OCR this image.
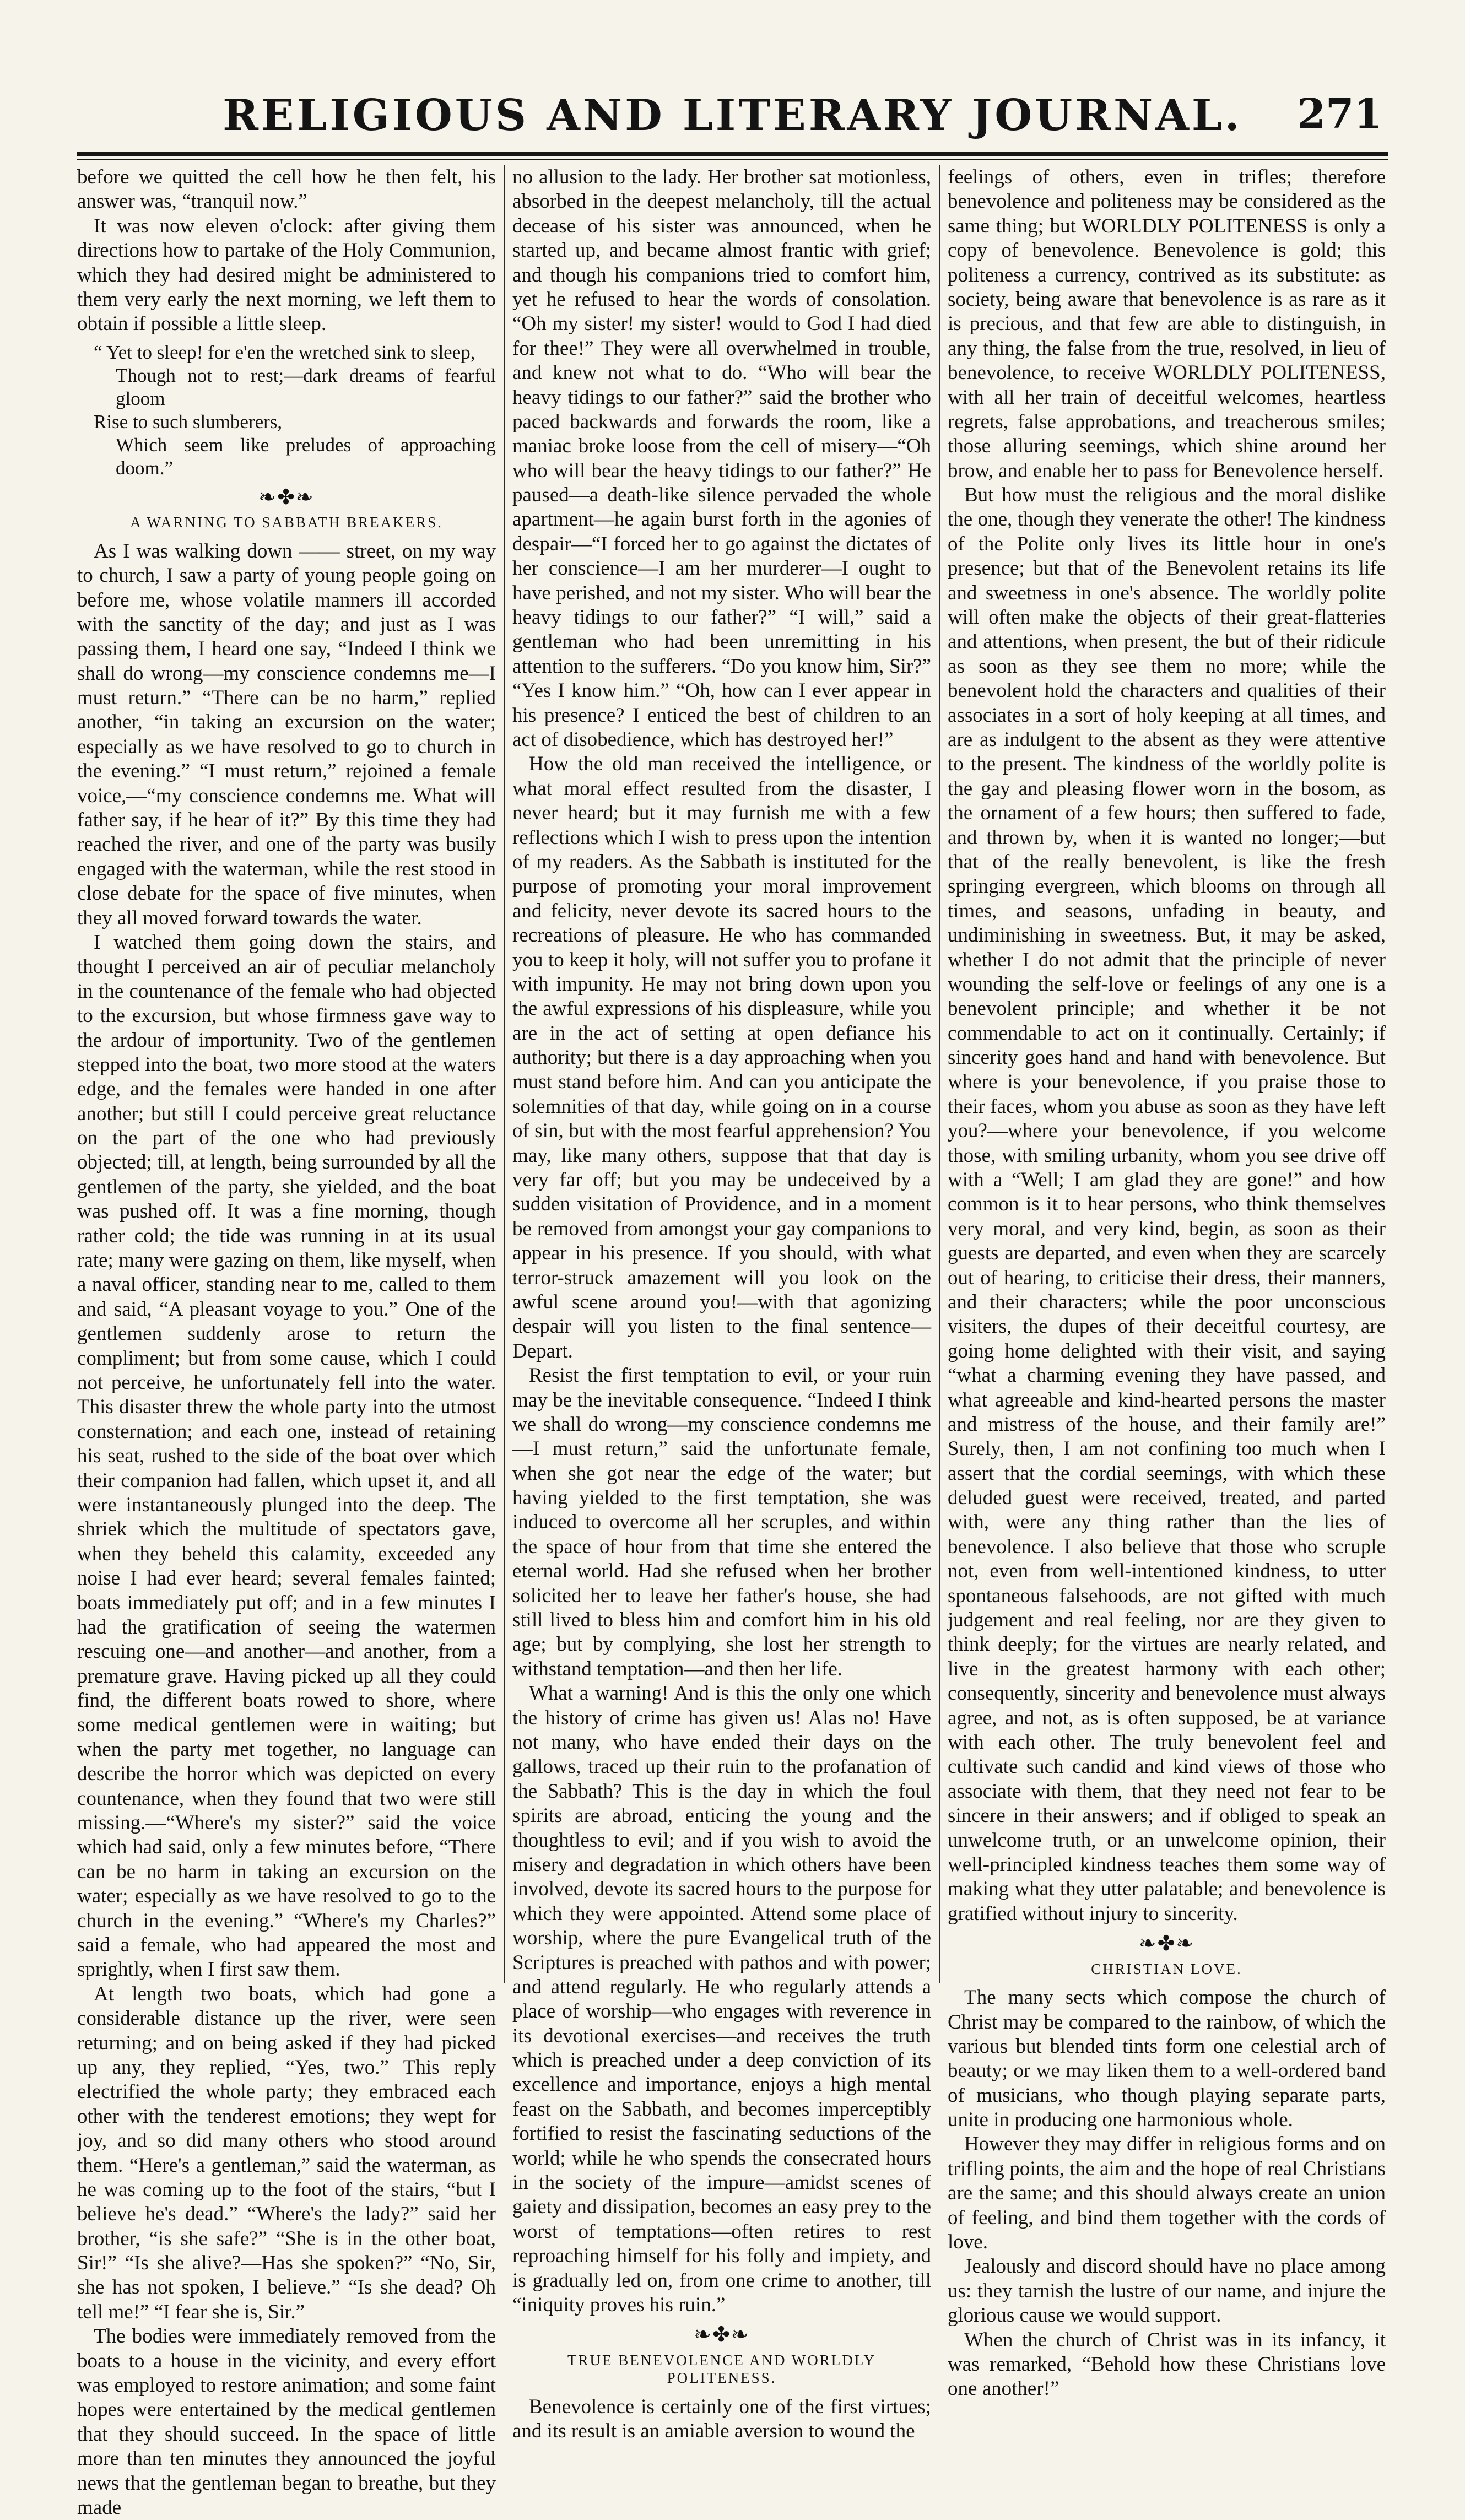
RELIGIOUS AND LITERARY JOURNAL. 271

before we quitted the cell how he then felt, his answer was, “tranquil now.”

It was now eleven o'clock: after giving them directions how to partake of the Holy Communion, which they had desired might be administered to them very early the next morning, we left them to obtain if possible a little sleep.

“ Yet to sleep! for e'en the wretched sink to sleep,
Though not to rest;—dark dreams of fearful gloom
Rise to such slumberers,
Which seem like preludes of approaching doom.”
❧✤❧
A WARNING TO SABBATH BREAKERS.

As I was walking down —— street, on my way to church, I saw a party of young people going on before me, whose volatile manners ill accorded with the sanctity of the day; and just as I was passing them, I heard one say, “Indeed I think we shall do wrong—my conscience condemns me—I must return.” “There can be no harm,” replied another, “in taking an excursion on the water; especially as we have resolved to go to church in the evening.” “I must return,” rejoined a female voice,—“my conscience condemns me. What will father say, if he hear of it?” By this time they had reached the river, and one of the party was busily engaged with the waterman, while the rest stood in close debate for the space of five minutes, when they all moved forward towards the water.

I watched them going down the stairs, and thought I perceived an air of peculiar melancholy in the countenance of the female who had objected to the excursion, but whose firmness gave way to the ardour of importunity. Two of the gentlemen stepped into the boat, two more stood at the waters edge, and the females were handed in one after another; but still I could perceive great reluctance on the part of the one who had previously objected; till, at length, being surrounded by all the gentlemen of the party, she yielded, and the boat was pushed off. It was a fine morning, though rather cold; the tide was running in at its usual rate; many were gazing on them, like myself, when a naval officer, standing near to me, called to them and said, “A pleasant voyage to you.” One of the gentlemen suddenly arose to return the compliment; but from some cause, which I could not perceive, he unfortunately fell into the water. This disaster threw the whole party into the utmost consternation; and each one, instead of retaining his seat, rushed to the side of the boat over which their companion had fallen, which upset it, and all were instantaneously plunged into the deep. The shriek which the multitude of spectators gave, when they beheld this calamity, exceeded any noise I had ever heard; several females fainted; boats immediately put off; and in a few minutes I had the gratification of seeing the watermen rescuing one—and another—and another, from a premature grave. Having picked up all they could find, the different boats rowed to shore, where some medical gentlemen were in waiting; but when the party met together, no language can describe the horror which was depicted on every countenance, when they found that two were still missing.—“Where's my sister?” said the voice which had said, only a few minutes before, “There can be no harm in taking an excursion on the water; especially as we have resolved to go to the church in the evening.” “Where's my Charles?” said a female, who had appeared the most and sprightly, when I first saw them.

At length two boats, which had gone a considerable distance up the river, were seen returning; and on being asked if they had picked up any, they replied, “Yes, two.” This reply electrified the whole party; they embraced each other with the tenderest emotions; they wept for joy, and so did many others who stood around them. “Here's a gentleman,” said the waterman, as he was coming up to the foot of the stairs, “but I believe he's dead.” “Where's the lady?” said her brother, “is she safe?” “She is in the other boat, Sir!” “Is she alive?—Has she spoken?” “No, Sir, she has not spoken, I believe.” “Is she dead? Oh tell me!” “I fear she is, Sir.”

The bodies were immediately removed from the boats to a house in the vicinity, and every effort was employed to restore animation; and some faint hopes were entertained by the medical gentlemen that they should succeed. In the space of little more than ten minutes they announced the joyful news that the gentleman began to breathe, but they made

no allusion to the lady. Her brother sat motionless, absorbed in the deepest melancholy, till the actual decease of his sister was announced, when he started up, and became almost frantic with grief; and though his companions tried to comfort him, yet he refused to hear the words of consolation. “Oh my sister! my sister! would to God I had died for thee!” They were all overwhelmed in trouble, and knew not what to do. “Who will bear the heavy tidings to our father?” said the brother who paced backwards and forwards the room, like a maniac broke loose from the cell of misery—“Oh who will bear the heavy tidings to our father?” He paused—a death-like silence pervaded the whole apartment—he again burst forth in the agonies of despair—“I forced her to go against the dictates of her conscience—I am her murderer—I ought to have perished, and not my sister. Who will bear the heavy tidings to our father?” “I will,” said a gentleman who had been unremitting in his attention to the sufferers. “Do you know him, Sir?” “Yes I know him.” “Oh, how can I ever appear in his presence? I enticed the best of children to an act of disobedience, which has destroyed her!”

How the old man received the intelligence, or what moral effect resulted from the disaster, I never heard; but it may furnish me with a few reflections which I wish to press upon the intention of my readers. As the Sabbath is instituted for the purpose of promoting your moral improvement and felicity, never devote its sacred hours to the recreations of pleasure. He who has commanded you to keep it holy, will not suffer you to profane it with impunity. He may not bring down upon you the awful expressions of his displeasure, while you are in the act of setting at open defiance his authority; but there is a day approaching when you must stand before him. And can you anticipate the solemnities of that day, while going on in a course of sin, but with the most fearful apprehension? You may, like many others, suppose that that day is very far off; but you may be undeceived by a sudden visitation of Providence, and in a moment be removed from amongst your gay companions to appear in his presence. If you should, with what terror-struck amazement will you look on the awful scene around you!—with that agonizing despair will you listen to the final sentence—Depart.

Resist the first temptation to evil, or your ruin may be the inevitable consequence. “Indeed I think we shall do wrong—my conscience condemns me—I must return,” said the unfortunate female, when she got near the edge of the water; but having yielded to the first temptation, she was induced to overcome all her scruples, and within the space of hour from that time she entered the eternal world. Had she refused when her brother solicited her to leave her father's house, she had still lived to bless him and comfort him in his old age; but by complying, she lost her strength to withstand temptation—and then her life.

What a warning! And is this the only one which the history of crime has given us! Alas no! Have not many, who have ended their days on the gallows, traced up their ruin to the profanation of the Sabbath? This is the day in which the foul spirits are abroad, enticing the young and the thoughtless to evil; and if you wish to avoid the misery and degradation in which others have been involved, devote its sacred hours to the purpose for which they were appointed. Attend some place of worship, where the pure Evangelical truth of the Scriptures is preached with pathos and with power; and attend regularly. He who regularly attends a place of worship—who engages with reverence in its devotional exercises—and receives the truth which is preached under a deep conviction of its excellence and importance, enjoys a high mental feast on the Sabbath, and becomes imperceptibly fortified to resist the fascinating seductions of the world; while he who spends the consecrated hours in the society of the impure—amidst scenes of gaiety and dissipation, becomes an easy prey to the worst of temptations—often retires to rest reproaching himself for his folly and impiety, and is gradually led on, from one crime to another, till “iniquity proves his ruin.”

❧✤❧
TRUE BENEVOLENCE AND WORLDLY POLITENESS.

Benevolence is certainly one of the first virtues; and its result is an amiable aversion to wound the

feelings of others, even in trifles; therefore benevolence and politeness may be considered as the same thing; but WORLDLY POLITENESS is only a copy of benevolence. Benevolence is gold; this politeness a currency, contrived as its substitute: as society, being aware that benevolence is as rare as it is precious, and that few are able to distinguish, in any thing, the false from the true, resolved, in lieu of benevolence, to receive WORLDLY POLITENESS, with all her train of deceitful welcomes, heartless regrets, false approbations, and treacherous smiles; those alluring seemings, which shine around her brow, and enable her to pass for Benevolence herself.

But how must the religious and the moral dislike the one, though they venerate the other! The kindness of the Polite only lives its little hour in one's presence; but that of the Benevolent retains its life and sweetness in one's absence. The worldly polite will often make the objects of their great-flatteries and attentions, when present, the but of their ridicule as soon as they see them no more; while the benevolent hold the characters and qualities of their associates in a sort of holy keeping at all times, and are as indulgent to the absent as they were attentive to the present. The kindness of the worldly polite is the gay and pleasing flower worn in the bosom, as the ornament of a few hours; then suffered to fade, and thrown by, when it is wanted no longer;—but that of the really benevolent, is like the fresh springing evergreen, which blooms on through all times, and seasons, unfading in beauty, and undiminishing in sweetness. But, it may be asked, whether I do not admit that the principle of never wounding the self-love or feelings of any one is a benevolent principle; and whether it be not commendable to act on it continually. Certainly; if sincerity goes hand and hand with benevolence. But where is your benevolence, if you praise those to their faces, whom you abuse as soon as they have left you?—where your benevolence, if you welcome those, with smiling urbanity, whom you see drive off with a “Well; I am glad they are gone!” and how common is it to hear persons, who think themselves very moral, and very kind, begin, as soon as their guests are departed, and even when they are scarcely out of hearing, to criticise their dress, their manners, and their characters; while the poor unconscious visiters, the dupes of their deceitful courtesy, are going home delighted with their visit, and saying “what a charming evening they have passed, and what agreeable and kind-hearted persons the master and mistress of the house, and their family are!” Surely, then, I am not confining too much when I assert that the cordial seemings, with which these deluded guest were received, treated, and parted with, were any thing rather than the lies of benevolence. I also believe that those who scruple not, even from well-intentioned kindness, to utter spontaneous falsehoods, are not gifted with much judgement and real feeling, nor are they given to think deeply; for the virtues are nearly related, and live in the greatest harmony with each other; consequently, sincerity and benevolence must always agree, and not, as is often supposed, be at variance with each other. The truly benevolent feel and cultivate such candid and kind views of those who associate with them, that they need not fear to be sincere in their answers; and if obliged to speak an unwelcome truth, or an unwelcome opinion, their well-principled kindness teaches them some way of making what they utter palatable; and benevolence is gratified without injury to sincerity.

❧✤❧
CHRISTIAN LOVE.

The many sects which compose the church of Christ may be compared to the rainbow, of which the various but blended tints form one celestial arch of beauty; or we may liken them to a well-ordered band of musicians, who though playing separate parts, unite in producing one harmonious whole.

However they may differ in religious forms and on trifling points, the aim and the hope of real Christians are the same; and this should always create an union of feeling, and bind them together with the cords of love.

Jealously and discord should have no place among us: they tarnish the lustre of our name, and injure the glorious cause we would support.

When the church of Christ was in its infancy, it was remarked, “Behold how these Christians love one another!”
